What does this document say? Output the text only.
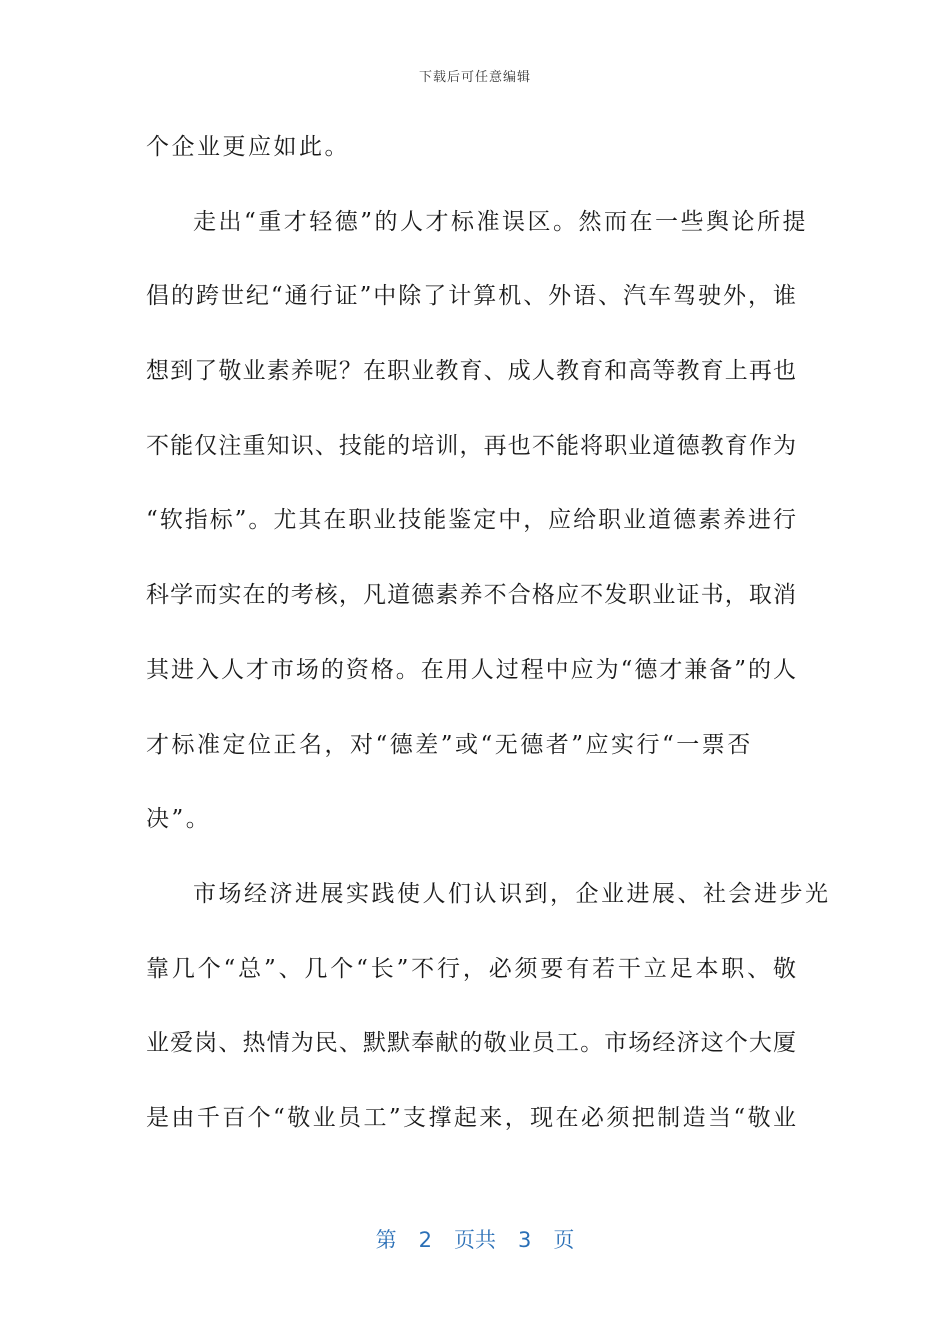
下载后可任意编辑
个企业更应如此。
走出“重才轻德”的人才标准误区。然而在一些舆论所提
倡的跨世纪“通行证”中除了计算机、外语、汽车驾驶外，谁
想到了敬业素养呢？在职业教育、成人教育和高等教育上再也
不能仅注重知识、技能的培训，再也不能将职业道德教育作为
“软指标”。尤其在职业技能鉴定中，应给职业道德素养进行
科学而实在的考核，凡道德素养不合格应不发职业证书，取消
其进入人才市场的资格。在用人过程中应为“德才兼备”的人
才标准定位正名，对“德差”或“无德者”应实行“一票否
决”。
市场经济进展实践使人们认识到，企业进展、社会进步光
靠几个“总”、几个“长”不行，必须要有若干立足本职、敬
业爱岗、热情为民、默默奉献的敬业员工。市场经济这个大厦
是由千百个“敬业员工”支撑起来，现在必须把制造当“敬业
第 2 页共 3 页
